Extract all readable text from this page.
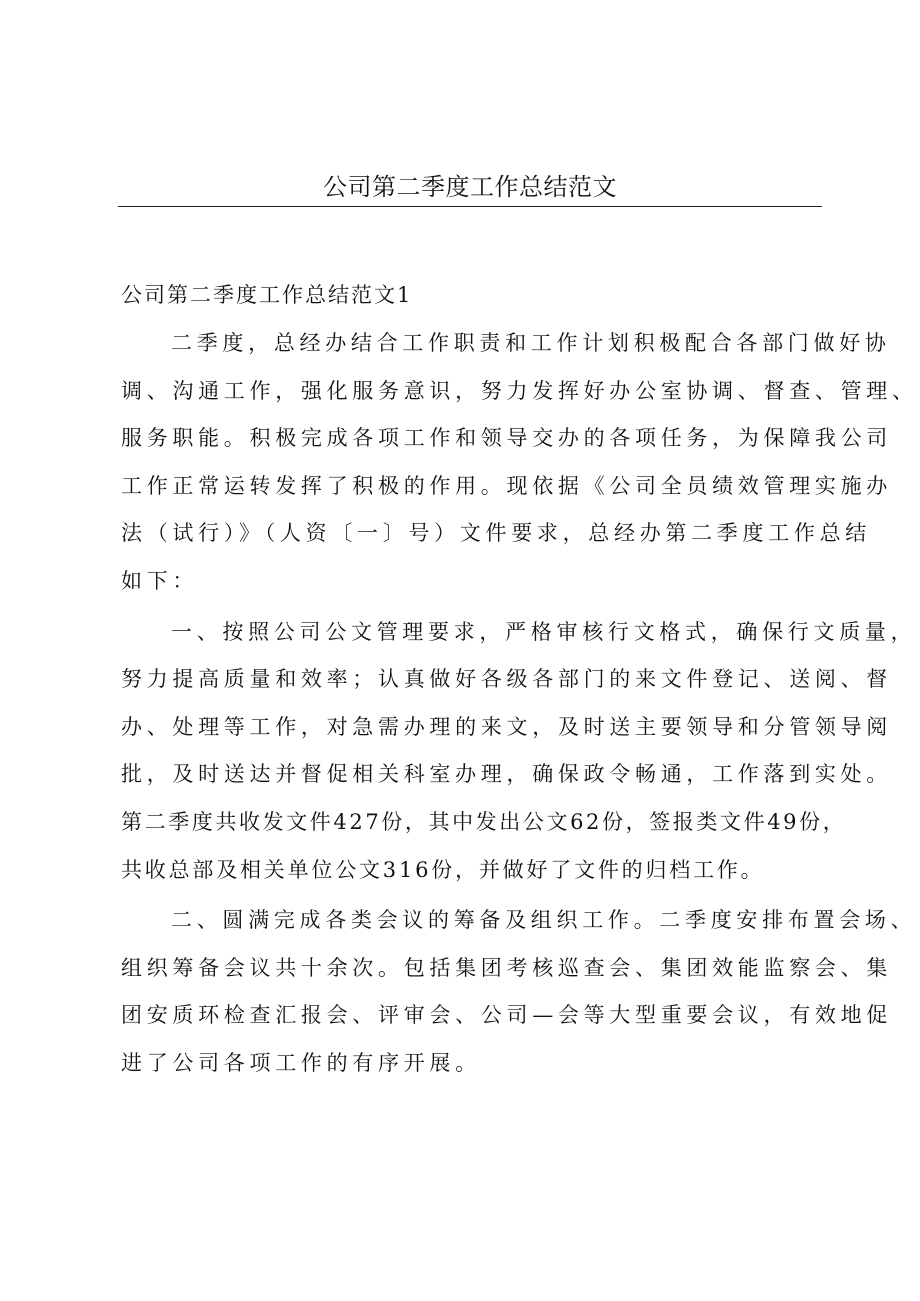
公司第二季度工作总结范文
公司第二季度工作总结范文1
二季度，总经办结合工作职责和工作计划积极配合各部门做好协
调、沟通工作，强化服务意识，努力发挥好办公室协调、督查、管理、
服务职能。积极完成各项工作和领导交办的各项任务，为保障我公司
工作正常运转发挥了积极的作用。现依据《公司全员绩效管理实施办
法（试行）》（人资〔一〕号）文件要求，总经办第二季度工作总结
如下：
一、按照公司公文管理要求，严格审核行文格式，确保行文质量，
努力提高质量和效率；认真做好各级各部门的来文件登记、送阅、督
办、处理等工作，对急需办理的来文，及时送主要领导和分管领导阅
批，及时送达并督促相关科室办理，确保政令畅通，工作落到实处。
第二季度共收发文件427份，其中发出公文62份，签报类文件49份，
共收总部及相关单位公文316份，并做好了文件的归档工作。
二、圆满完成各类会议的筹备及组织工作。二季度安排布置会场、
组织筹备会议共十余次。包括集团考核巡查会、集团效能监察会、集
团安质环检查汇报会、评审会、公司—会等大型重要会议，有效地促
进了公司各项工作的有序开展。
